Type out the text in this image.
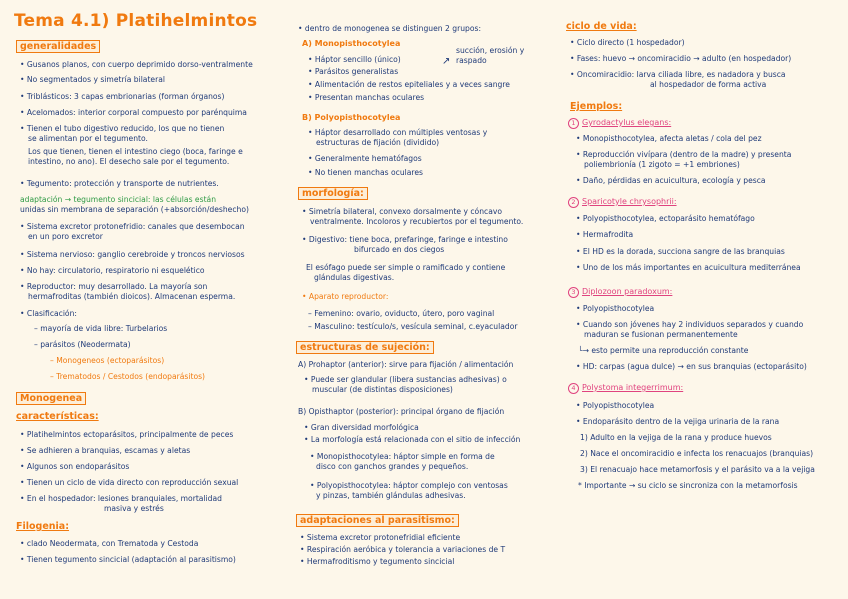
Tema 4.1) Platihelmintos
generalidades
• Gusanos planos, con cuerpo deprimido dorso-ventralmente
• No segmentados y simetría bilateral
• Triblásticos: 3 capas embrionarias (forman órganos)
• Acelomados: interior corporal compuesto por parénquima
• Tienen el tubo digestivo reducido, los que no tienen
se alimentan por el tegumento.
Los que tienen, tienen el intestino ciego (boca, faringe e
intestino, no ano). El desecho sale por el tegumento.
• Tegumento: protección y transporte de nutrientes.
adaptación → tegumento sincicial: las células están
unidas sin membrana de separación (+absorción/deshecho)
• Sistema excretor protonefridio: canales que desembocan
en un poro excretor
• Sistema nervioso: ganglio cerebroide y troncos nerviosos
• No hay: circulatorio, respiratorio ni esquelético
• Reproductor: muy desarrollado. La mayoría son
hermafroditas (también dioicos). Almacenan esperma.
• Clasificación:
– mayoría de vida libre: Turbelarios
– parásitos (Neodermata)
– Monogeneos (ectoparásitos)
– Trematodos / Cestodos (endoparásitos)
Monogenea
características:
• Platihelmintos ectoparásitos, principalmente de peces
• Se adhieren a branquias, escamas y aletas
• Algunos son endoparásitos
• Tienen un ciclo de vida directo con reproducción sexual
• En el hospedador: lesiones branquiales, mortalidad
masiva y estrés
Filogenia:
• clado Neodermata, con Trematoda y Cestoda
• Tienen tegumento sincicial (adaptación al parasitismo)
• dentro de monogenea se distinguen 2 grupos:
A) Monopisthocotylea
• Háptor sencillo (único)
• Parásitos generalistas
• Alimentación de restos epiteliales y a veces sangre
• Presentan manchas oculares
↗
succión, erosión y
raspado
B) Polyopisthocotylea
• Háptor desarrollado con múltiples ventosas y
estructuras de fijación (dividido)
• Generalmente hematófagos
• No tienen manchas oculares
morfología:
• Simetría bilateral, convexo dorsalmente y cóncavo
ventralmente. Incoloros y recubiertos por el tegumento.
• Digestivo: tiene boca, prefaringe, faringe e intestino
bifurcado en dos ciegos
El esófago puede ser simple o ramificado y contiene
glándulas digestivas.
• Aparato reproductor:
– Femenino: ovario, oviducto, útero, poro vaginal
– Masculino: testículo/s, vesícula seminal, c.eyaculador
estructuras de sujeción:
A) Prohaptor (anterior): sirve para fijación / alimentación
• Puede ser glandular (libera sustancias adhesivas) o
muscular (de distintas disposiciones)
B) Opisthaptor (posterior): principal órgano de fijación
• Gran diversidad morfológica
• La morfología está relacionada con el sitio de infección
• Monopisthocotylea: háptor simple en forma de
disco con ganchos grandes y pequeños.
• Polyopisthocotylea: háptor complejo con ventosas
y pinzas, también glándulas adhesivas.
adaptaciones al parasitismo:
• Sistema excretor protonefridial eficiente
• Respiración aeróbica y tolerancia a variaciones de T
• Hermafroditismo y tegumento sincicial
ciclo de vida:
• Ciclo directo (1 hospedador)
• Fases: huevo → oncomiracidio → adulto (en hospedador)
• Oncomiracidio: larva ciliada libre, es nadadora y busca
al hospedador de forma activa
Ejemplos:
1 Gyrodactylus elegans:
• Monopisthocotylea, afecta aletas / cola del pez
• Reproducción vivípara (dentro de la madre) y presenta
poliembrionía (1 zigoto = +1 embriones)
• Daño, pérdidas en acuicultura, ecología y pesca
2 Sparicotyle chrysophrii:
• Polyopisthocotylea, ectoparásito hematófago
• Hermafrodita
• El HD es la dorada, succiona sangre de las branquias
• Uno de los más importantes en acuicultura mediterránea
3 Diplozoon paradoxum:
• Polyopisthocotylea
• Cuando son jóvenes hay 2 individuos separados y cuando
maduran se fusionan permanentemente
└→ esto permite una reproducción constante
• HD: carpas (agua dulce) → en sus branquias (ectoparásito)
4 Polystoma integerrimum:
• Polyopisthocotylea
• Endoparásito dentro de la vejiga urinaria de la rana
1) Adulto en la vejiga de la rana y produce huevos
2) Nace el oncomiracidio e infecta los renacuajos (branquias)
3) El renacuajo hace metamorfosis y el parásito va a la vejiga
* Importante → su ciclo se sincroniza con la metamorfosis
